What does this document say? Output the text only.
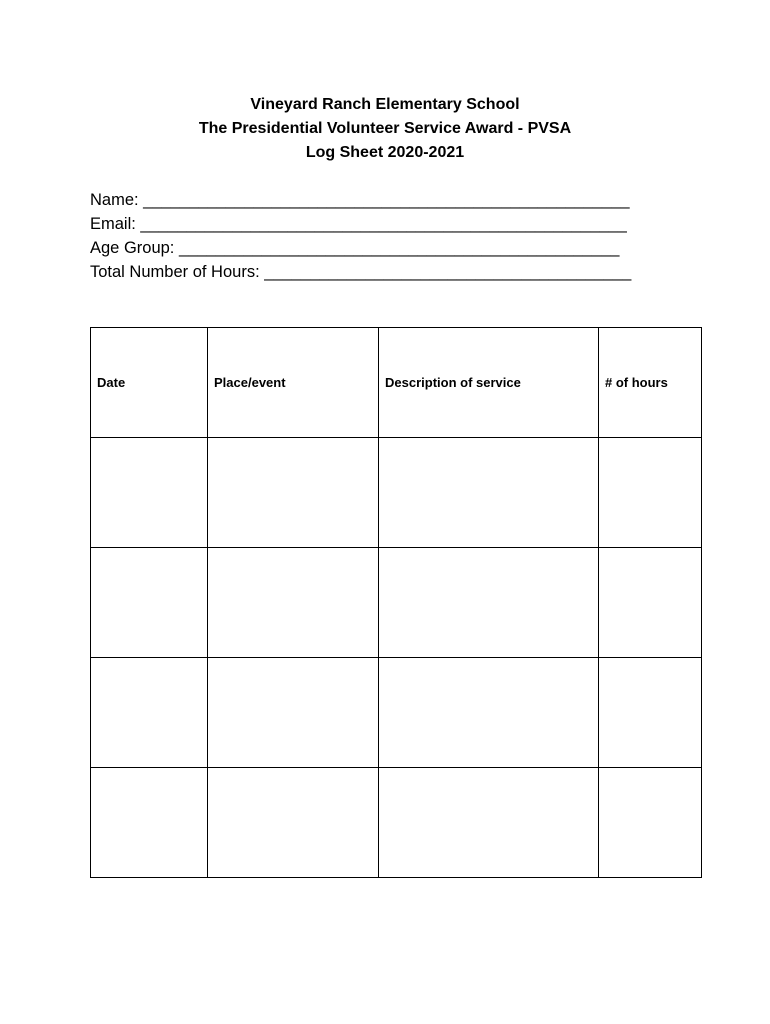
Vineyard Ranch Elementary School
The Presidential Volunteer Service Award - PVSA
Log Sheet 2020-2021
Name: _____________________________________________________
Email: _____________________________________________________
Age Group: ________________________________________________
Total Number of Hours: ________________________________________
Date	Place/event	Description of service	# of hours
